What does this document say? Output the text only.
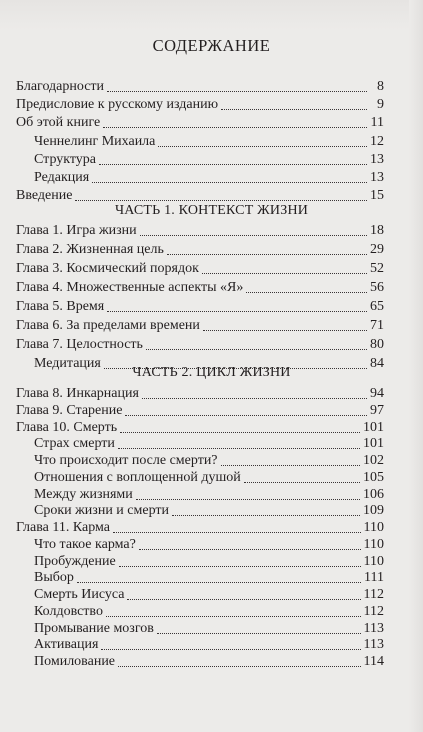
СОДЕРЖАНИЕ
Благодарности	8
Предисловие к русскому изданию	9
Об этой книге	11
Ченнелинг Михаила	12
Структура	13
Редакция	13
Введение	15
ЧАСТЬ 1. КОНТЕКСТ ЖИЗНИ
Глава 1. Игра жизни	18
Глава 2. Жизненная цель	29
Глава 3. Космический порядок	52
Глава 4. Множественные аспекты «Я»	56
Глава 5. Время	65
Глава 6. За пределами времени	71
Глава 7. Целостность	80
Медитация	84
ЧАСТЬ 2. ЦИКЛ ЖИЗНИ
Глава 8. Инкарнация	94
Глава 9. Старение	97
Глава 10. Смерть	101
Страх смерти	101
Что происходит после смерти?	102
Отношения с воплощенной душой	105
Между жизнями	106
Сроки жизни и смерти	109
Глава 11. Карма	110
Что такое карма?	110
Пробуждение	110
Выбор	111
Смерть Иисуса	112
Колдовство	112
Промывание мозгов	113
Активация	113
Помилование	114
